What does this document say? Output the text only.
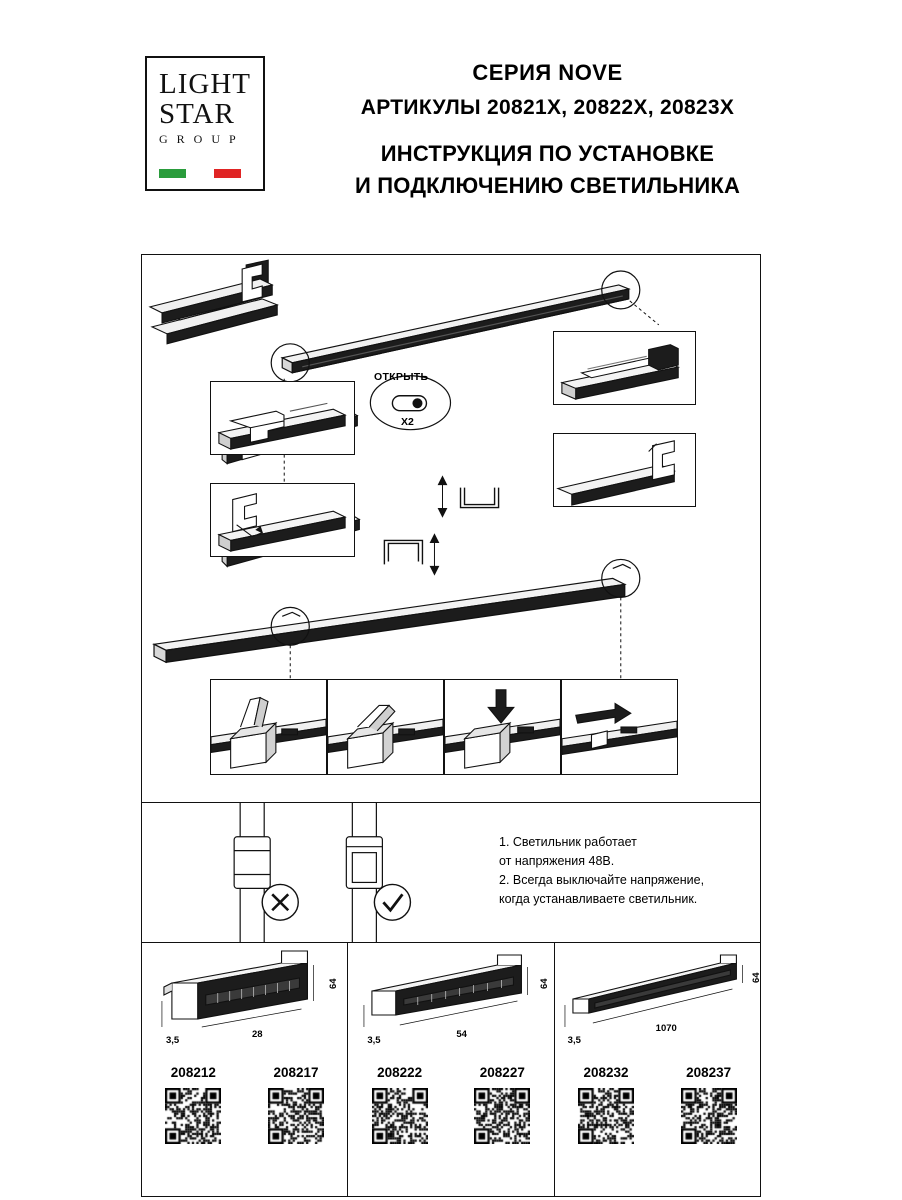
LIGHT
STAR
G R O U P
СЕРИЯ NOVE
АРТИКУЛЫ 20821X, 20822X, 20823X
ИНСТРУКЦИЯ ПО УСТАНОВКЕ
И ПОДКЛЮЧЕНИЮ СВЕТИЛЬНИКА
ОТКРЫТЬ
X2
1. Светильник работает
от напряжения 48В.
2. Всегда выключайте напряжение,
когда устанавливаете светильник.
28
3,5
64
208212	208217
54
3,5
64
208222	208227
1070
3,5
64
208232	208237
